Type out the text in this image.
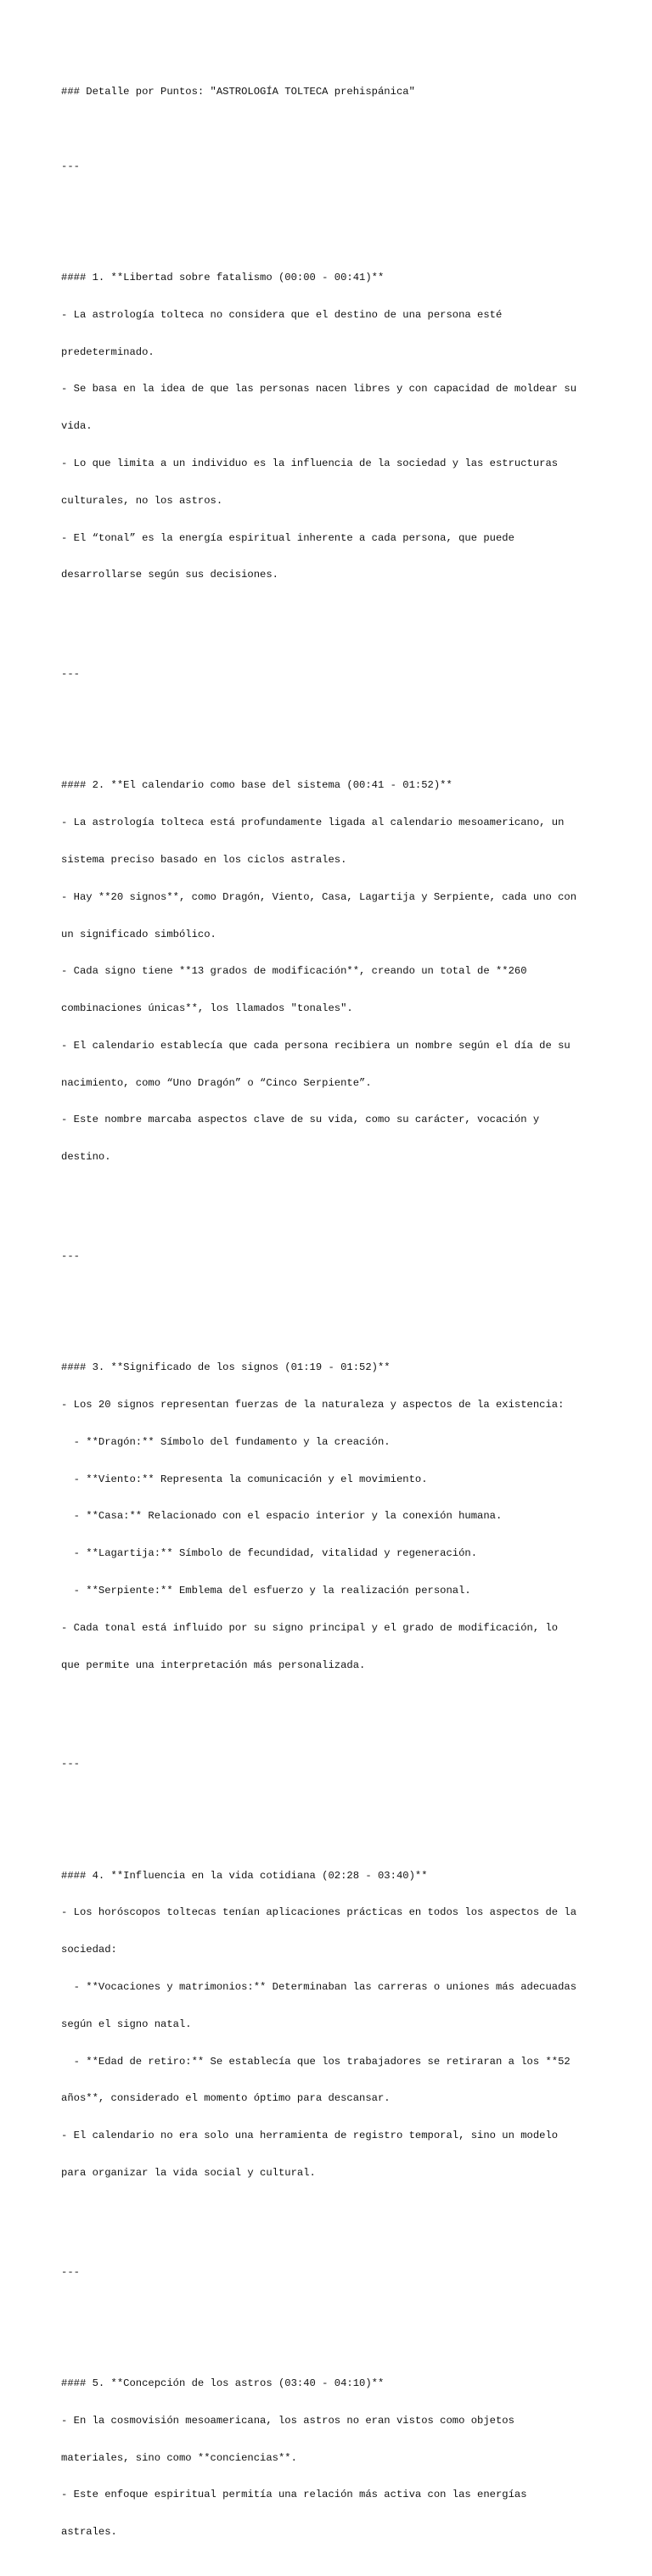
### Detalle por Puntos: "ASTROLOGÍA TOLTECA prehispánica"

---

#### 1. **Libertad sobre fatalismo (00:00 - 00:41)**

- La astrología tolteca no considera que el destino de una persona esté

predeterminado.

- Se basa en la idea de que las personas nacen libres y con capacidad de moldear su

vida.

- Lo que limita a un individuo es la influencia de la sociedad y las estructuras

culturales, no los astros.

- El “tonal” es la energía espiritual inherente a cada persona, que puede

desarrollarse según sus decisiones.

---

#### 2. **El calendario como base del sistema (00:41 - 01:52)**

- La astrología tolteca está profundamente ligada al calendario mesoamericano, un

sistema preciso basado en los ciclos astrales.

- Hay **20 signos**, como Dragón, Viento, Casa, Lagartija y Serpiente, cada uno con

un significado simbólico.

- Cada signo tiene **13 grados de modificación**, creando un total de **260

combinaciones únicas**, los llamados "tonales".

- El calendario establecía que cada persona recibiera un nombre según el día de su

nacimiento, como “Uno Dragón” o “Cinco Serpiente”.

- Este nombre marcaba aspectos clave de su vida, como su carácter, vocación y

destino.

---

#### 3. **Significado de los signos (01:19 - 01:52)**

- Los 20 signos representan fuerzas de la naturaleza y aspectos de la existencia:

- **Dragón:** Símbolo del fundamento y la creación.

- **Viento:** Representa la comunicación y el movimiento.

- **Casa:** Relacionado con el espacio interior y la conexión humana.

- **Lagartija:** Símbolo de fecundidad, vitalidad y regeneración.

- **Serpiente:** Emblema del esfuerzo y la realización personal.

- Cada tonal está influido por su signo principal y el grado de modificación, lo

que permite una interpretación más personalizada.

---

#### 4. **Influencia en la vida cotidiana (02:28 - 03:40)**

- Los horóscopos toltecas tenían aplicaciones prácticas en todos los aspectos de la

sociedad:

- **Vocaciones y matrimonios:** Determinaban las carreras o uniones más adecuadas

según el signo natal.

- **Edad de retiro:** Se establecía que los trabajadores se retiraran a los **52

años**, considerado el momento óptimo para descansar.

- El calendario no era solo una herramienta de registro temporal, sino un modelo

para organizar la vida social y cultural.

---

#### 5. **Concepción de los astros (03:40 - 04:10)**

- En la cosmovisión mesoamericana, los astros no eran vistos como objetos

materiales, sino como **conciencias**.

- Este enfoque espiritual permitía una relación más activa con las energías

astrales.
